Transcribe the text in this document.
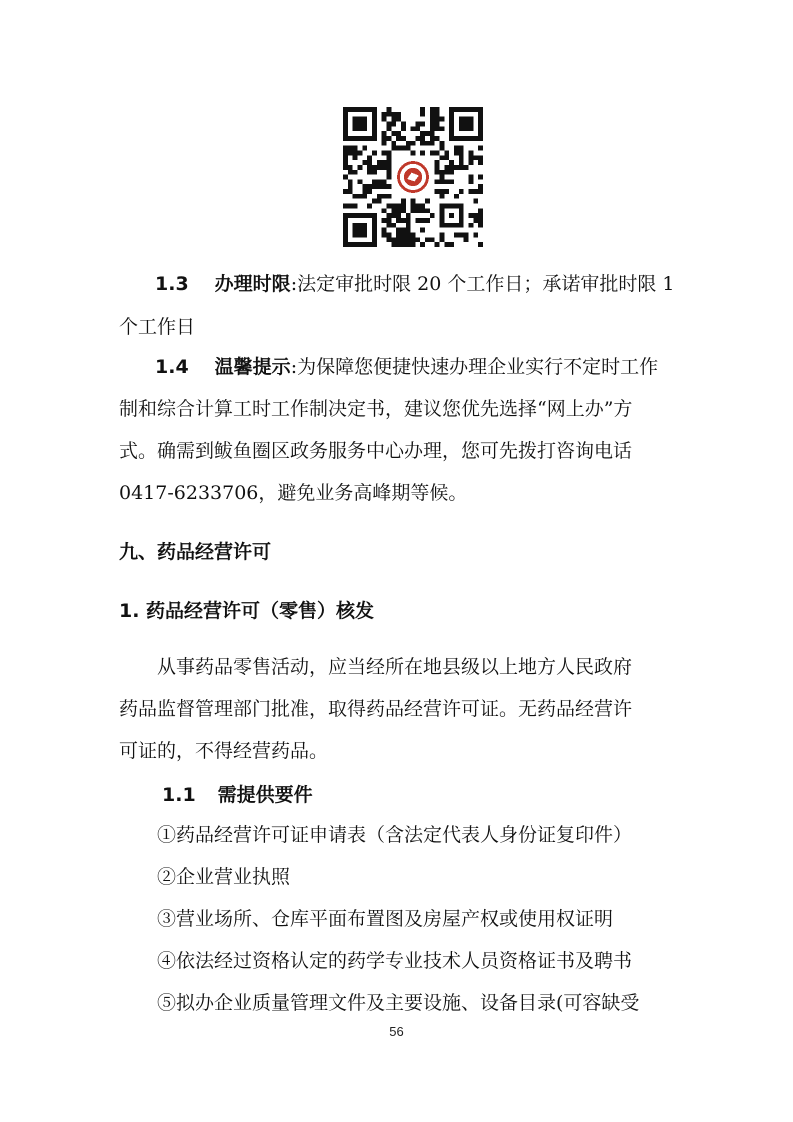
1.3 办理时限:法定审批时限 20 个工作日；承诺审批时限 1
个工作日
1.4 温馨提示:为保障您便捷快速办理企业实行不定时工作
制和综合计算工时工作制决定书，建议您优先选择“网上办”方
式。确需到鲅鱼圈区政务服务中心办理，您可先拨打咨询电话
0417-6233706，避免业务高峰期等候。
九、药品经营许可
1. 药品经营许可（零售）核发
从事药品零售活动，应当经所在地县级以上地方人民政府
药品监督管理部门批准，取得药品经营许可证。无药品经营许
可证的，不得经营药品。
1.1 需提供要件
①药品经营许可证申请表（含法定代表人身份证复印件）
②企业营业执照
③营业场所、仓库平面布置图及房屋产权或使用权证明
④依法经过资格认定的药学专业技术人员资格证书及聘书
⑤拟办企业质量管理文件及主要设施、设备目录(可容缺受
56
